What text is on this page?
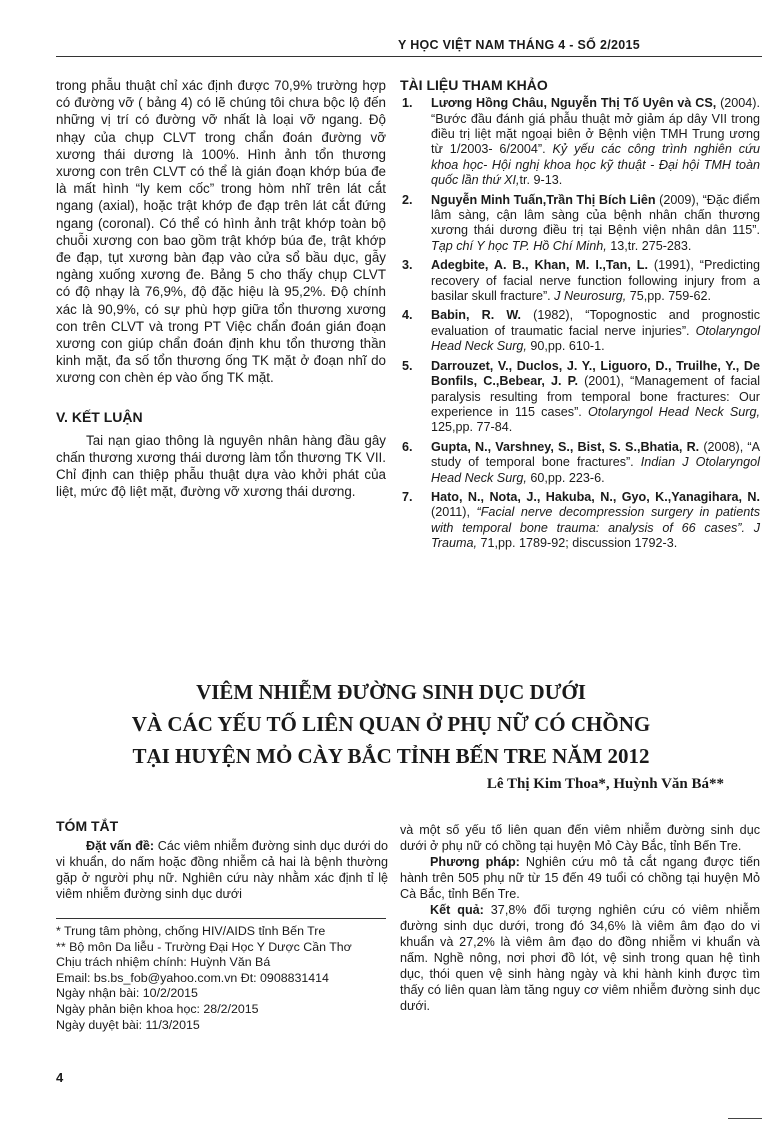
Y HỌC VIỆT NAM THÁNG 4 - SỐ 2/2015

trong phẫu thuật chỉ xác định được 70,9% trường hợp có đường vỡ ( bảng 4) có lẽ chúng tôi chưa bộc lộ đến những vị trí có đường vỡ nhất là loại vỡ ngang. Độ nhạy của chụp CLVT trong chẩn đoán đường vỡ xương thái dương là 100%. Hình ảnh tổn thương xương con trên CLVT có thể là gián đoạn khớp búa đe là mất hình “ly kem cốc” trong hòm nhĩ trên lát cắt ngang (axial), hoặc trật khớp đe đạp trên lát cắt đứng ngang (coronal). Có thể có hình ảnh trật khớp toàn bộ chuỗi xương con bao gồm trật khớp búa đe, trật khớp đe đạp, tụt xương bàn đạp vào cửa sổ bầu dục, gẫy ngàng xuống xương đe. Bảng 5 cho thấy chụp CLVT có độ nhạy là 76,9%, độ đặc hiệu là 95,2%. Độ chính xác là 90,9%, có sự phù hợp giữa tổn thương xương con trên CLVT và trong PT Việc chẩn đoán gián đoạn xương con giúp chẩn đoán định khu tổn thương thần kinh mặt, đa số tổn thương ống TK mặt ở đoạn nhĩ do xương con chèn ép vào ống TK mặt.

V. KẾT LUẬN

Tai nạn giao thông là nguyên nhân hàng đầu gây chấn thương xương thái dương làm tổn thương TK VII. Chỉ định can thiệp phẫu thuật dựa vào khởi phát của liệt, mức độ liệt mặt, đường vỡ xương thái dương.

TÀI LIỆU THAM KHẢO
1. Lương Hồng Châu, Nguyễn Thị Tố Uyên và CS, (2004). “Bước đầu đánh giá phẫu thuật mở giảm áp dây VII trong điều trị liệt mặt ngoại biên ở Bệnh viện TMH Trung ương từ 1/2003- 6/2004”. Kỷ yếu các công trình nghiên cứu khoa học- Hội nghị khoa học kỹ thuật - Đại hội TMH toàn quốc lần thứ XI,tr. 9-13.
2. Nguyễn Minh Tuấn,Trần Thị Bích Liên (2009), “Đặc điểm lâm sàng, cận lâm sàng của bệnh nhân chấn thương xương thái dương điều trị tại Bệnh viện nhân dân 115”. Tạp chí Y học TP. Hồ Chí Minh, 13,tr. 275-283.
3. Adegbite, A. B., Khan, M. I.,Tan, L. (1991), “Predicting recovery of facial nerve function following injury from a basilar skull fracture”. J Neurosurg, 75,pp. 759-62.
4. Babin, R. W. (1982), “Topognostic and prognostic evaluation of traumatic facial nerve injuries”. Otolaryngol Head Neck Surg, 90,pp. 610-1.
5. Darrouzet, V., Duclos, J. Y., Liguoro, D., Truilhe, Y., De Bonfils, C.,Bebear, J. P. (2001), “Management of facial paralysis resulting from temporal bone fractures: Our experience in 115 cases”. Otolaryngol Head Neck Surg, 125,pp. 77-84.
6. Gupta, N., Varshney, S., Bist, S. S.,Bhatia, R. (2008), “A study of temporal bone fractures”. Indian J Otolaryngol Head Neck Surg, 60,pp. 223-6.
7. Hato, N., Nota, J., Hakuba, N., Gyo, K.,Yanagihara, N. (2011), “Facial nerve decompression surgery in patients with temporal bone trauma: analysis of 66 cases”. J Trauma, 71,pp. 1789-92; discussion 1792-3.
VIÊM NHIỄM ĐƯỜNG SINH DỤC DƯỚI
VÀ CÁC YẾU TỐ LIÊN QUAN Ở PHỤ NỮ CÓ CHỒNG
TẠI HUYỆN MỎ CÀY BẮC TỈNH BẾN TRE NĂM 2012
Lê Thị Kim Thoa*, Huỳnh Văn Bá**
TÓM TẮT

Đặt vấn đề: Các viêm nhiễm đường sinh dục dưới do vi khuẩn, do nấm hoặc đồng nhiễm cả hai là bệnh thường gặp ở người phụ nữ. Nghiên cứu này nhằm xác định tỉ lệ viêm nhiễm đường sinh dục dưới

* Trung tâm phòng, chống HIV/AIDS tỉnh Bến Tre

** Bộ môn Da liễu - Trường Đại Học Y Dược Cần Thơ

Chịu trách nhiệm chính: Huỳnh Văn Bá

Email: bs.bs_fob@yahoo.com.vn Đt: 0908831414

Ngày nhận bài: 10/2/2015

Ngày phản biện khoa học: 28/2/2015

Ngày duyệt bài: 11/3/2015

và một số yếu tố liên quan đến viêm nhiễm đường sinh dục dưới ở phụ nữ có chồng tại huyện Mỏ Cày Bắc, tỉnh Bến Tre.

Phương pháp: Nghiên cứu mô tả cắt ngang được tiến hành trên 505 phụ nữ từ 15 đến 49 tuổi có chồng tại huyện Mỏ Cà Bắc, tỉnh Bến Tre.

Kết quả: 37,8% đối tượng nghiên cứu có viêm nhiễm đường sinh dục dưới, trong đó 34,6% là viêm âm đạo do vi khuẩn và 27,2% là viêm âm đạo do đồng nhiễm vi khuẩn và nấm. Nghề nông, nơi phơi đồ lót, vệ sinh trong quan hệ tình dục, thói quen vệ sinh hàng ngày và khi hành kinh được tìm thấy có liên quan làm tăng nguy cơ viêm nhiễm đường sinh dục dưới.

4
